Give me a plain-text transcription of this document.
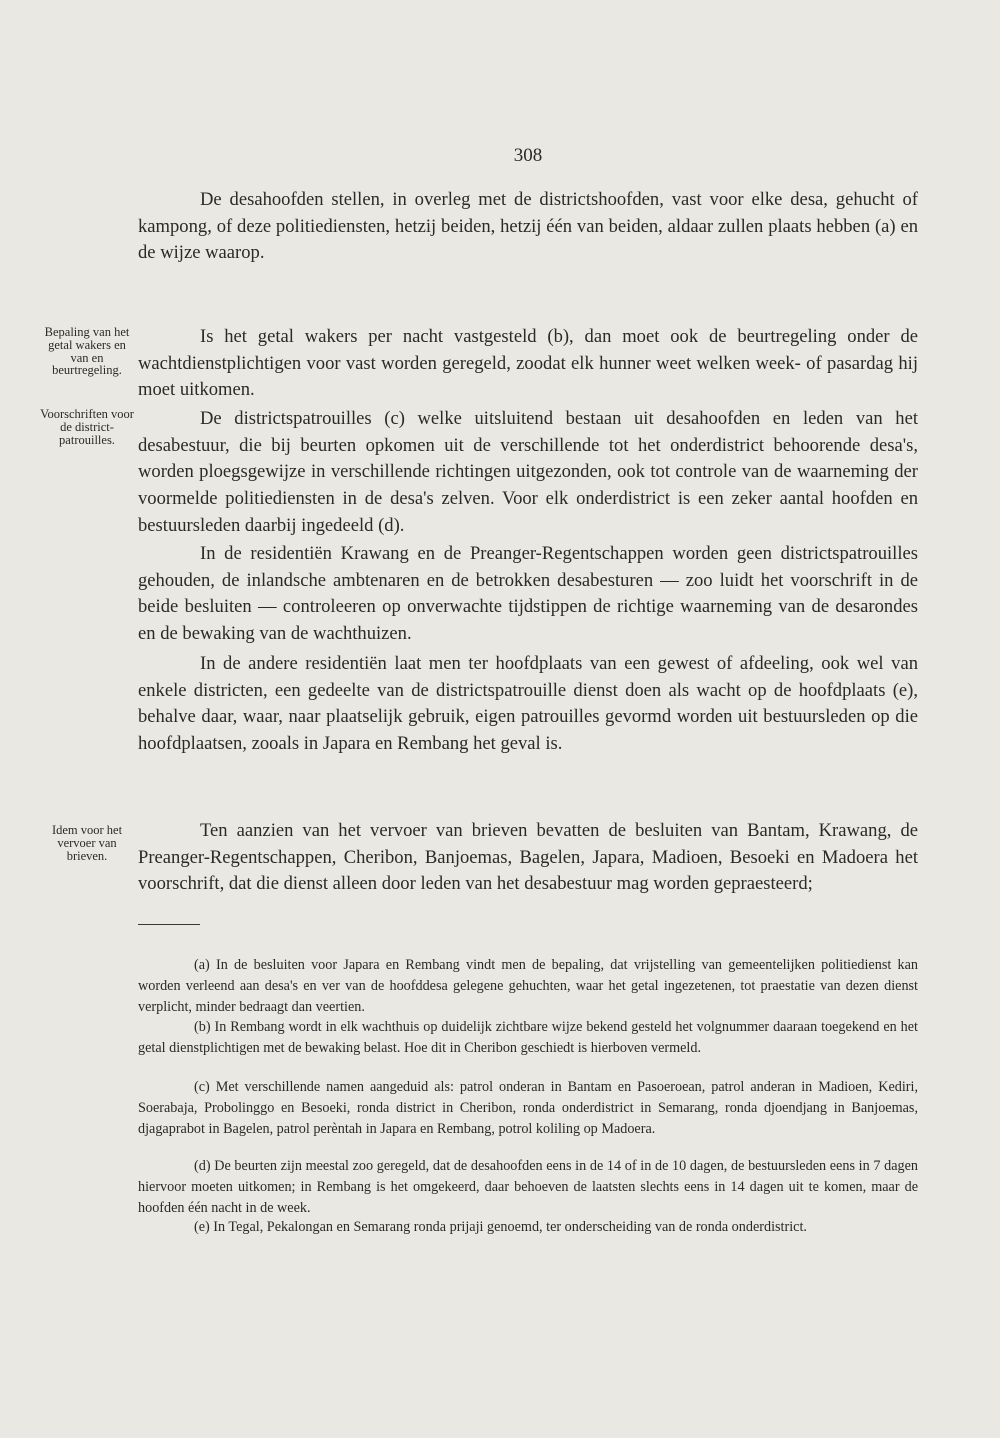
308

De desahoofden stellen, in overleg met de districtshoofden, vast voor elke desa, gehucht of kampong, of deze politiediensten, hetzij beiden, hetzij één van beiden, aldaar zullen plaats hebben (a) en de wijze waarop.

Bepaling van het getal wakers en van en beurtregeling.

Is het getal wakers per nacht vastgesteld (b), dan moet ook de beurtregeling onder de wachtdienstplichtigen voor vast worden geregeld, zoodat elk hunner weet welken week- of pasardag hij moet uitkomen.

Voorschriften voor de district-patrouilles.

De districtspatrouilles (c) welke uitsluitend bestaan uit desahoofden en leden van het desabestuur, die bij beurten opkomen uit de verschillende tot het onderdistrict behoorende desa's, worden ploegsgewijze in verschillende richtingen uitgezonden, ook tot controle van de waarneming der voormelde politiediensten in de desa's zelven. Voor elk onderdistrict is een zeker aantal hoofden en bestuursleden daarbij ingedeeld (d).

In de residentiën Krawang en de Preanger-Regentschappen worden geen districtspatrouilles gehouden, de inlandsche ambtenaren en de betrokken desabesturen — zoo luidt het voorschrift in de beide besluiten — controleeren op onverwachte tijdstippen de richtige waarneming van de desarondes en de bewaking van de wachthuizen.

In de andere residentiën laat men ter hoofdplaats van een gewest of afdeeling, ook wel van enkele districten, een gedeelte van de districtspatrouille dienst doen als wacht op de hoofdplaats (e), behalve daar, waar, naar plaatselijk gebruik, eigen patrouilles gevormd worden uit bestuursleden op die hoofdplaatsen, zooals in Japara en Rembang het geval is.

Idem voor het vervoer van brieven.

Ten aanzien van het vervoer van brieven bevatten de besluiten van Bantam, Krawang, de Preanger-Regentschappen, Cheribon, Banjoemas, Bagelen, Japara, Madioen, Besoeki en Madoera het voorschrift, dat die dienst alleen door leden van het desabestuur mag worden gepraesteerd;

(a) In de besluiten voor Japara en Rembang vindt men de bepaling, dat vrijstelling van gemeentelijken politiedienst kan worden verleend aan desa's en ver van de hoofddesa gelegene gehuchten, waar het getal ingezetenen, tot praestatie van dezen dienst verplicht, minder bedraagt dan veertien.

(b) In Rembang wordt in elk wachthuis op duidelijk zichtbare wijze bekend gesteld het volgnummer daaraan toegekend en het getal dienstplichtigen met de bewaking belast. Hoe dit in Cheribon geschiedt is hierboven vermeld.

(c) Met verschillende namen aangeduid als: patrol onderan in Bantam en Pasoeroean, patrol anderan in Madioen, Kediri, Soerabaja, Probolinggo en Besoeki, ronda district in Cheribon, ronda onderdistrict in Semarang, ronda djoendjang in Banjoemas, djagaprabot in Bagelen, patrol perèntah in Japara en Rembang, potrol koliling op Madoera.

(d) De beurten zijn meestal zoo geregeld, dat de desahoofden eens in de 14 of in de 10 dagen, de bestuursleden eens in 7 dagen hiervoor moeten uitkomen; in Rembang is het omgekeerd, daar behoeven de laatsten slechts eens in 14 dagen uit te komen, maar de hoofden één nacht in de week.

(e) In Tegal, Pekalongan en Semarang ronda prijaji genoemd, ter onderscheiding van de ronda onderdistrict.
